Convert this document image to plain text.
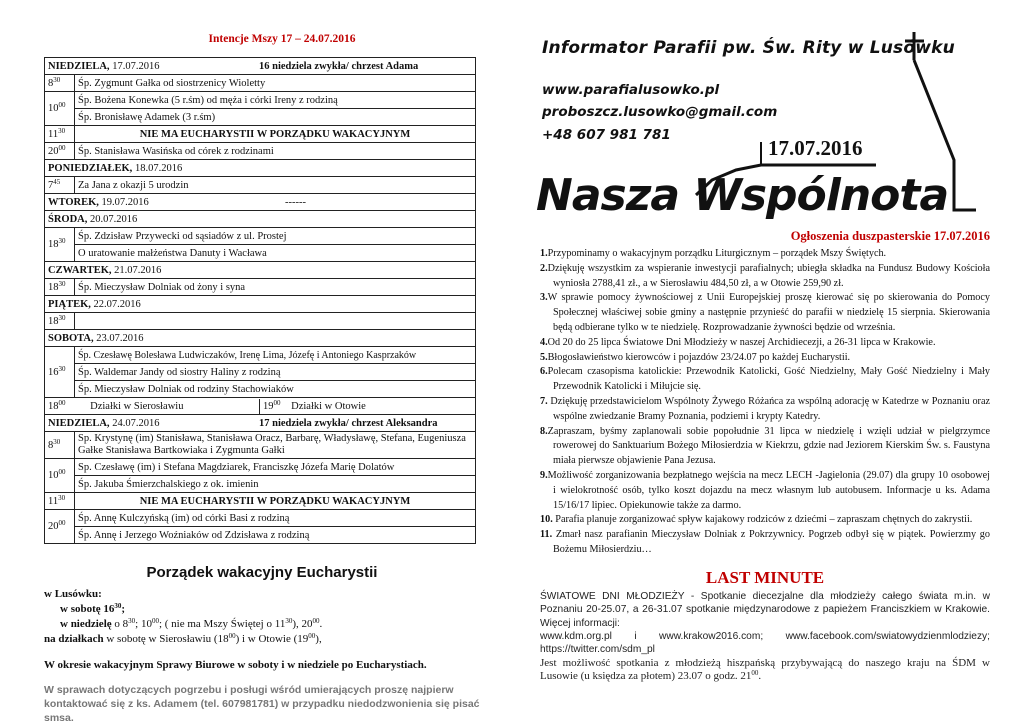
Intencje Mszy 17 – 24.07.2016
NIEDZIELA, 17.07.2016 16 niedziela zwykła/ chrzest Adama	

$8^{30}$	Śp. Zygmunt Gałka od siostrzenicy Wioletty
$10^{00}$	Śp. Bożena Konewka (5 r.śm) od męża i córki Ireny z rodziną
	Śp. Bronisławę Adamek (3 r.śm)
$11^{30}$	NIE MA EUCHARYSTII W PORZĄDKU WAKACYJNYM
$20^{00}$	Śp. Stanisława Wasińska od córek z rodzinami
PONIEDZIAŁEK, 18.07.2016	
$7^{45}$	Za Jana z okazji 5 urodzin
WTOREK, 19.07.2016 ------	

ŚRODA, 20.07.2016	
$18^{30}$	Śp. Zdzisław Przywecki od sąsiadów z ul. Prostej
	O uratowanie małżeństwa Danuty i Wacława
CZWARTEK, 21.07.2016	
$18^{30}$	Śp. Mieczysław Dolniak od żony i syna
PIĄTEK, 22.07.2016	
$18^{30}$	
SOBOTA, 23.07.2016	
$16^{30}$	Śp. Czesławę Bolesława Ludwiczaków, Irenę Lima, Józefę i Antoniego Kasprzaków
	Śp. Waldemar Jandy od siostry Haliny z rodziną
	Śp. Mieczysław Dolniak od rodziny Stachowiaków

$18^{00}$ Działki w Sierosławiu $19^{00}$ Działki w Otowie	

NIEDZIELA, 24.07.2016 17 niedziela zwykła/ chrzest Aleksandra	

$8^{30}$	Sp. Krystynę (im) Stanisława, Stanisława Oracz, Barbarę, Władysławę, Stefana, Eugeniusza Gałke Stanisława Bartkowiaka i Zygmunta Gałki
$10^{00}$	Sp. Czesławę (im) i Stefana Magdziarek, Franciszkę Józefa Marię Dolatów
	Śp. Jakuba Śmierzchalskiego z ok. imienin
$11^{30}$	NIE MA EUCHARYSTII W PORZĄDKU WAKACYJNYM
$20^{00}$	Śp. Annę Kulczyńską (im) od córki Basi z rodziną
	Śp. Annę i Jerzego Woźniaków od Zdzisława z rodziną
Porządek wakacyjny Eucharystii

w Lusówku:

w sobotę $16^{30}$;

w niedzielę o $8^{30}$; $10^{00}$; ( nie ma Mszy Świętej o $11^{30}$), $20^{00}$.

na działkach w sobotę w Sierosławiu $(18^{00})$ i w Otowie $(19^{00})$,

W okresie wakacyjnym Sprawy Biurowe w soboty i w niedziele po Eucharystiach.
W sprawach dotyczących pogrzebu i posługi wśród umierających proszę najpierw kontaktować się z ks. Adamem (tel. 607981781) w przypadku niedodzwonienia się pisać smsa.
Informator Parafii pw. Św. Rity w Lusówku
www.parafialusowko.pl
proboszcz.lusowko@gmail.com
+48 607 981 781
17.07.2016
Nasza Wspólnota
Ogłoszenia duszpasterskie 17.07.2016
1.Przypominamy o wakacyjnym porządku Liturgicznym – porządek Mszy Świętych.
2.Dziękuję wszystkim za wspieranie inwestycji parafialnych; ubiegła składka na Fundusz Budowy Kościoła wyniosła 2788,41 zł., a w Sierosławiu 484,50 zł, a w Otowie 259,90 zł.
3.W sprawie pomocy żywnościowej z Unii Europejskiej proszę kierować się po skierowania do Pomocy Społecznej właściwej sobie gminy a następnie przynieść do parafii w niedzielę 15 sierpnia. Skierowania będą odbierane tylko w te niedzielę. Rozprowadzanie żywności będzie od września.
4.Od 20 do 25 lipca Światowe Dni Młodzieży w naszej Archidiecezji, a 26-31 lipca w Krakowie.
5.Błogosławieństwo kierowców i pojazdów 23/24.07 po każdej Eucharystii.
6.Polecam czasopisma katolickie: Przewodnik Katolicki, Gość Niedzielny, Mały Gość Niedzielny i Mały Przewodnik Katolicki i Miłujcie się.
7. Dziękuję przedstawicielom Wspólnoty Żywego Różańca za wspólną adorację w Katedrze w Poznaniu oraz wspólne zwiedzanie Bramy Poznania, podziemi i krypty Katedry.
8.Zapraszam, byśmy zaplanowali sobie popołudnie 31 lipca w niedzielę i wzięli udział w pielgrzymce rowerowej do Sanktuarium Bożego Miłosierdzia w Kiekrzu, gdzie nad Jeziorem Kierskim Św. s. Faustyna miała pierwsze objawienie Pana Jezusa.
9.Możliwość zorganizowania bezpłatnego wejścia na mecz LECH -Jagielonia (29.07) dla grupy 10 osobowej i wielokrotność osób, tylko koszt dojazdu na mecz własnym lub autobusem. Informacje u ks. Adama 15/16/17 lipiec. Opiekunowie także za darmo.
10. Parafia planuje zorganizować spływ kajakowy rodziców z dziećmi – zapraszam chętnych do zakrystii.
11. Zmarł nasz parafianin Mieczysław Dolniak z Pokrzywnicy. Pogrzeb odbył się w piątek. Powierzmy go Bożemu Miłosierdziu…
LAST MINUTE

ŚWIATOWE DNI MŁODZIEŻY - Spotkanie diecezjalne dla młodzieży całego świata m.in. w Poznaniu 20-25.07, a 26-31.07 spotkanie międzynarodowe z papieżem Franciszkiem w Krakowie. Więcej informacji:

www.kdm.org.pl i www.krakow2016.com; www.facebook.com/swiatowydzienmlodziezy;

https://twitter.com/sdm_pl

Jest możliwość spotkania z młodzieżą hiszpańską przybywającą do naszego kraju na ŚDM w Lusowie (u księdza za płotem) 23.07 o godz. $21^{00}$.
